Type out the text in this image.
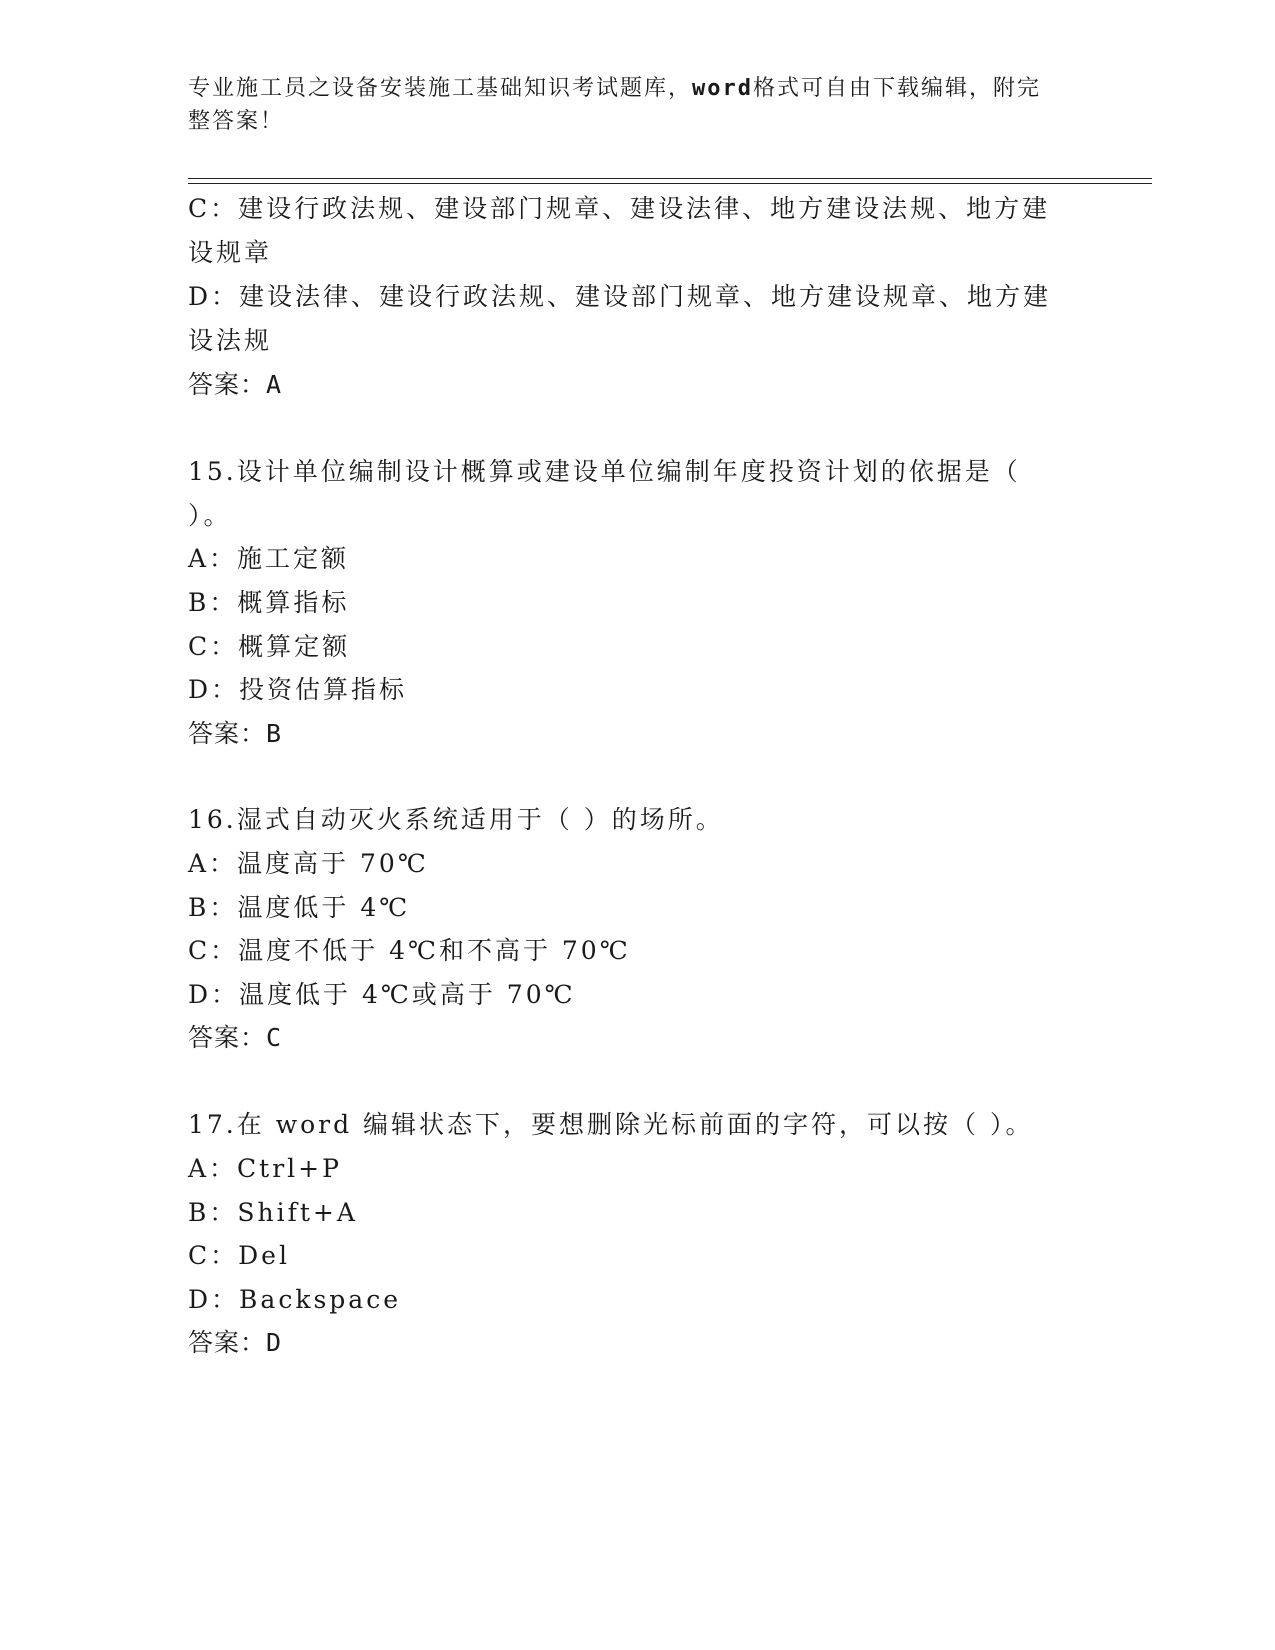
专业施工员之设备安装施工基础知识考试题库，word格式可自由下载编辑，附完
整答案！
C：建设行政法规、建设部门规章、建设法律、地方建设法规、地方建
设规章
D：建设法律、建设行政法规、建设部门规章、地方建设规章、地方建
设法规
答案：A
15.设计单位编制设计概算或建设单位编制年度投资计划的依据是（
）。
A：施工定额
B：概算指标
C：概算定额
D：投资估算指标
答案：B
16.湿式自动灭火系统适用于（ ）的场所。
A：温度高于 70℃
B：温度低于 4℃
C：温度不低于 4℃和不高于 70℃
D：温度低于 4℃或高于 70℃
答案：C
17.在 word 编辑状态下，要想删除光标前面的字符，可以按（ ）。
A：Ctrl+P
B：Shift+A
C：Del
D：Backspace
答案：D
